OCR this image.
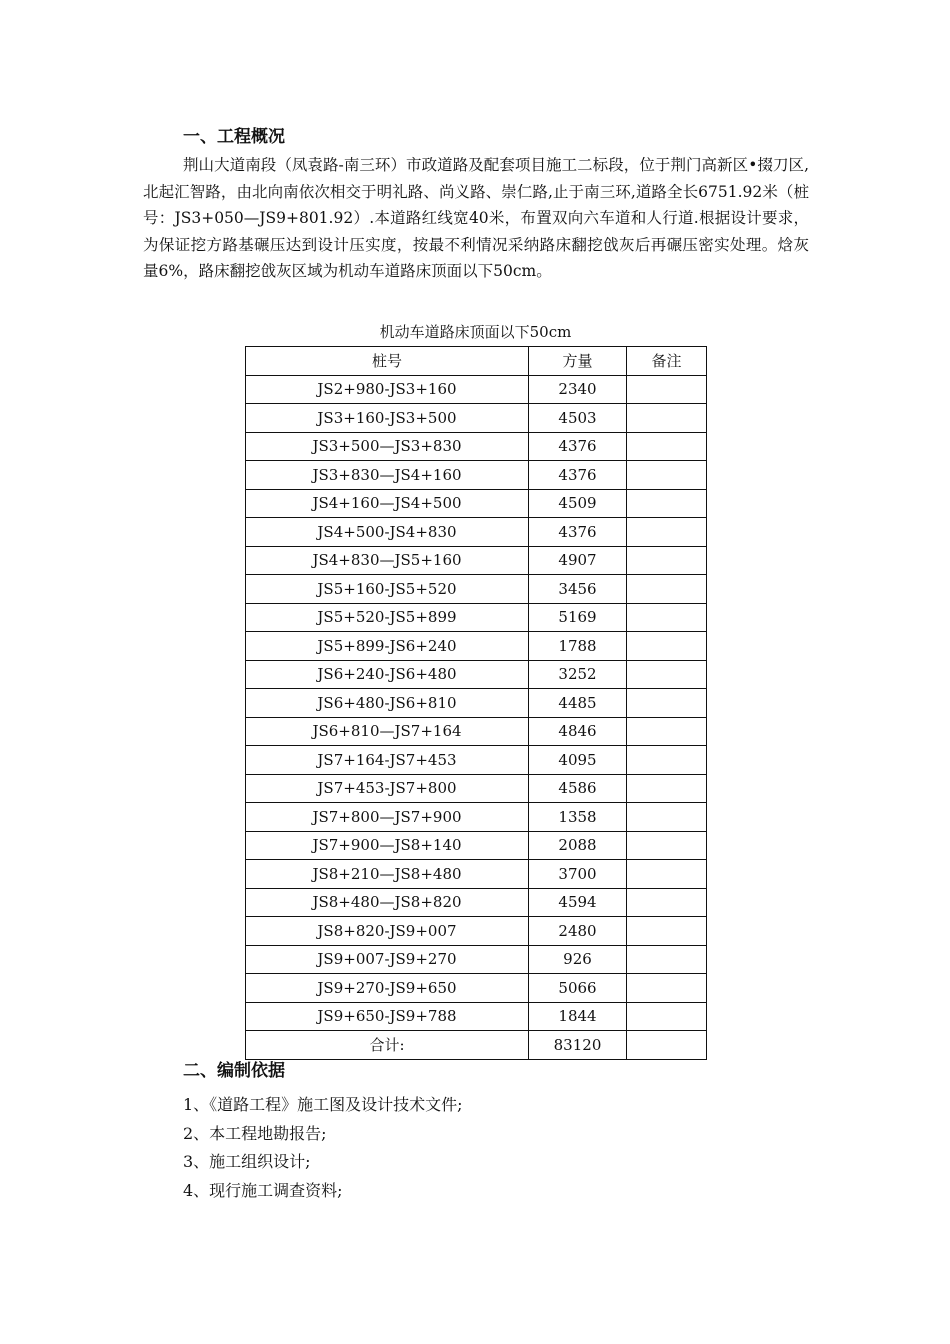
一、工程概况
荆山大道南段（凤袁路-南三环）市政道路及配套项目施工二标段，位于荆门高新区•掇刀区,北起汇智路，由北向南依次相交于明礼路、尚义路、崇仁路,止于南三环,道路全长6751.92米（桩号：JS3+050—JS9+801.92）.本道路红线宽40米，布置双向六车道和人行道.根据设计要求，为保证挖方路基碾压达到设计压实度，按最不利情况采纳路床翻挖戗灰后再碾压密实处理。焓灰量6%，路床翻挖戗灰区域为机动车道路床顶面以下50cm。
机动车道路床顶面以下50cm
桩号	方量	备注
JS2+980-JS3+160	2340	
JS3+160-JS3+500	4503	
JS3+500—JS3+830	4376	
JS3+830—JS4+160	4376	
JS4+160—JS4+500	4509	
JS4+500-JS4+830	4376	
JS4+830—JS5+160	4907	
JS5+160-JS5+520	3456	
JS5+520-JS5+899	5169	
JS5+899-JS6+240	1788	
JS6+240-JS6+480	3252	
JS6+480-JS6+810	4485	
JS6+810—JS7+164	4846	
JS7+164-JS7+453	4095	
JS7+453-JS7+800	4586	
JS7+800—JS7+900	1358	
JS7+900—JS8+140	2088	
JS8+210—JS8+480	3700	
JS8+480—JS8+820	4594	
JS8+820-JS9+007	2480	
JS9+007-JS9+270	926	
JS9+270-JS9+650	5066	
JS9+650-JS9+788	1844	
合计:	83120	
二、编制依据
1、《道路工程》施工图及设计技术文件;
2、本工程地勘报告;
3、施工组织设计;
4、现行施工调查资料;
